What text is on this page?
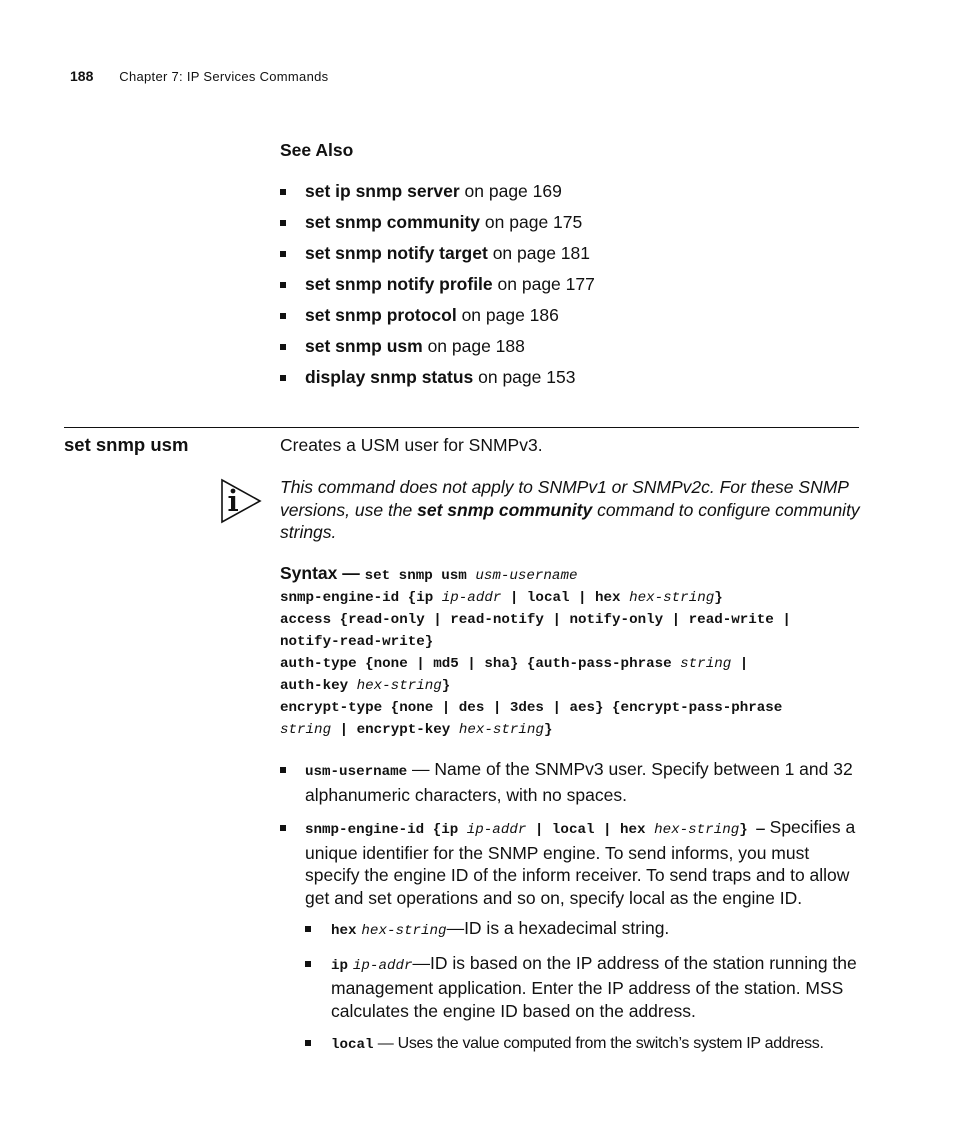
188 Chapter 7: IP Services Commands
See Also
set ip snmp server on page 169
set snmp community on page 175
set snmp notify target on page 181
set snmp notify profile on page 177
set snmp protocol on page 186
set snmp usm on page 188
display snmp status on page 153
set snmp usm	Creates a USM user for SNMPv3.
This command does not apply to SNMPv1 or SNMPv2c. For these SNMP versions, use the set snmp community command to configure community strings.
Syntax — set snmp usm usm-username
snmp-engine-id {ip ip-addr | local | hex hex-string}
access {read-only | read-notify | notify-only | read-write |
notify-read-write}
auth-type {none | md5 | sha} {auth-pass-phrase string |
auth-key hex-string}
encrypt-type {none | des | 3des | aes} {encrypt-pass-phrase
string | encrypt-key hex-string}
usm-username — Name of the SNMPv3 user. Specify between 1 and 32 alphanumeric characters, with no spaces.
snmp-engine-id {ip ip-addr | local | hex hex-string} — Specifies a unique identifier for the SNMP engine. To send informs, you must specify the engine ID of the inform receiver. To send traps and to allow get and set operations and so on, specify local as the engine ID.
hex hex-string—ID is a hexadecimal string.
ip ip-addr—ID is based on the IP address of the station running the management application. Enter the IP address of the station. MSS calculates the engine ID based on the address.
local — Uses the value computed from the switch’s system IP address.
